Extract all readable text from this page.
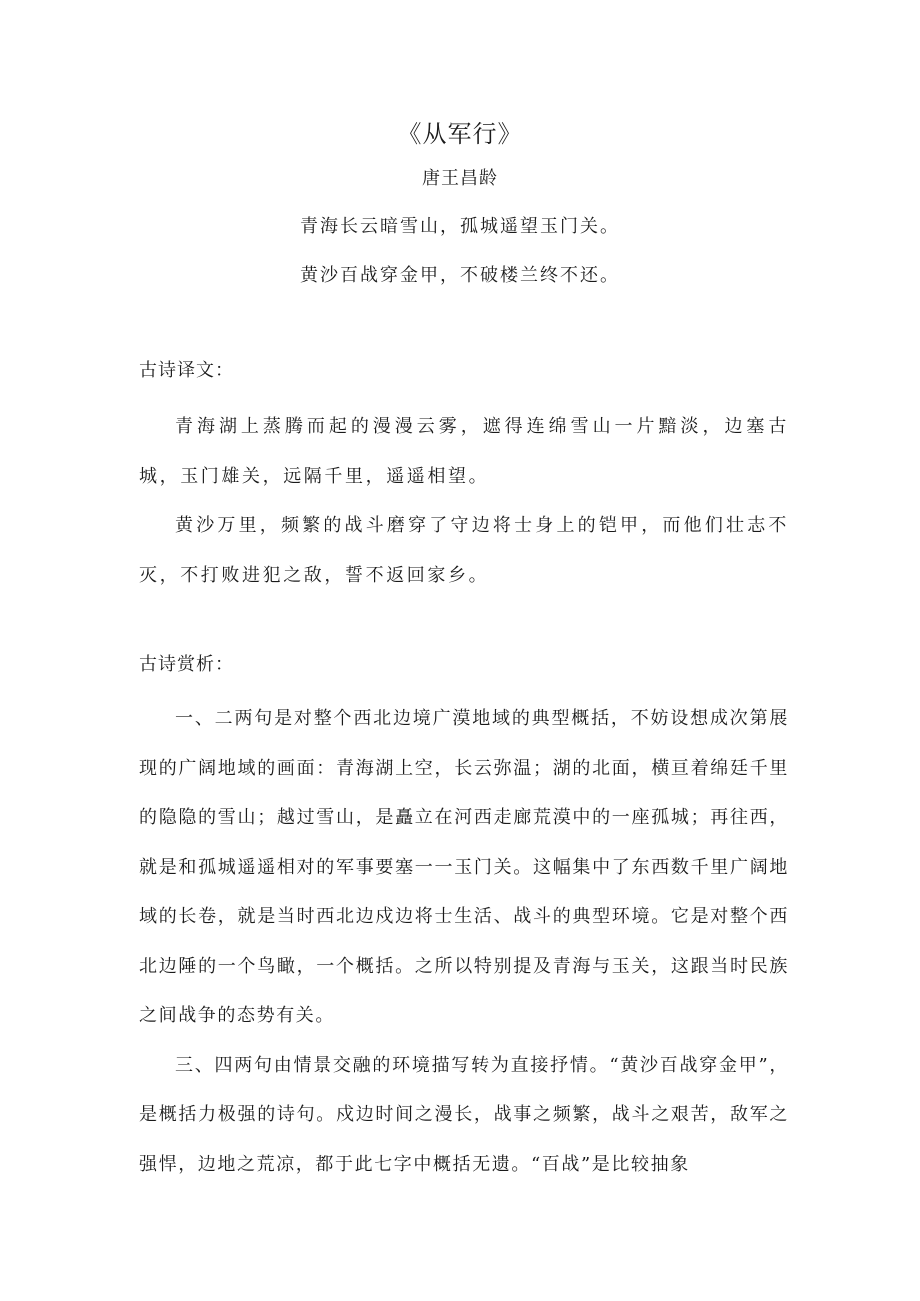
《从军行》
唐王昌龄
青海长云暗雪山，孤城遥望玉门关。
黄沙百战穿金甲，不破楼兰终不还。
古诗译文：

青海湖上蒸腾而起的漫漫云雾，遮得连绵雪山一片黯淡，边塞古城，玉门雄关，远隔千里，遥遥相望。

黄沙万里，频繁的战斗磨穿了守边将士身上的铠甲，而他们壮志不灭，不打败进犯之敌，誓不返回家乡。

古诗赏析：

一、二两句是对整个西北边境广漠地域的典型概括，不妨设想成次第展现的广阔地域的画面：青海湖上空，长云弥温；湖的北面，横亘着绵廷千里的隐隐的雪山；越过雪山，是矗立在河西走廊荒漠中的一座孤城；再往西，就是和孤城遥遥相对的军事要塞一一玉门关。这幅集中了东西数千里广阔地域的长卷，就是当时西北边戍边将士生活、战斗的典型环境。它是对整个西北边陲的一个鸟瞰，一个概括。之所以特别提及青海与玉关，这跟当时民族之间战争的态势有关。

三、四两句由情景交融的环境描写转为直接抒情。“黄沙百战穿金甲”，是概括力极强的诗句。戍边时间之漫长，战事之频繁，战斗之艰苦，敌军之强悍，边地之荒凉，都于此七字中概括无遗。“百战”是比较抽象
